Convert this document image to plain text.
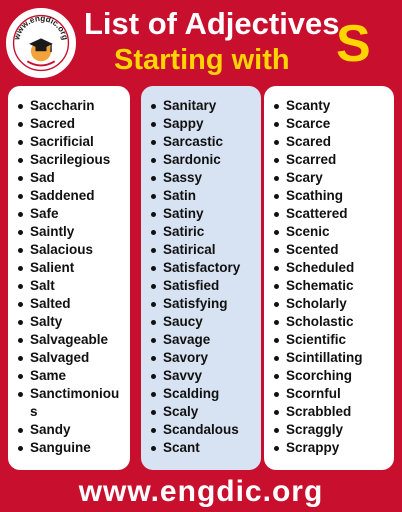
www.engdic.org List of Adjectives
Starting with S
Saccharin
Sacred
Sacrificial
Sacrilegious
Sad
Saddened
Safe
Saintly
Salacious
Salient
Salt
Salted
Salty
Salvageable
Salvaged
Same
Sanctimonious
Sandy
Sanguine
Sanitary
Sappy
Sarcastic
Sardonic
Sassy
Satin
Satiny
Satiric
Satirical
Satisfactory
Satisfied
Satisfying
Saucy
Savage
Savory
Savvy
Scalding
Scaly
Scandalous
Scant
Scanty
Scarce
Scared
Scarred
Scary
Scathing
Scattered
Scenic
Scented
Scheduled
Schematic
Scholarly
Scholastic
Scientific
Scintillating
Scorching
Scornful
Scrabbled
Scraggly
Scrappy
www.engdic.org
